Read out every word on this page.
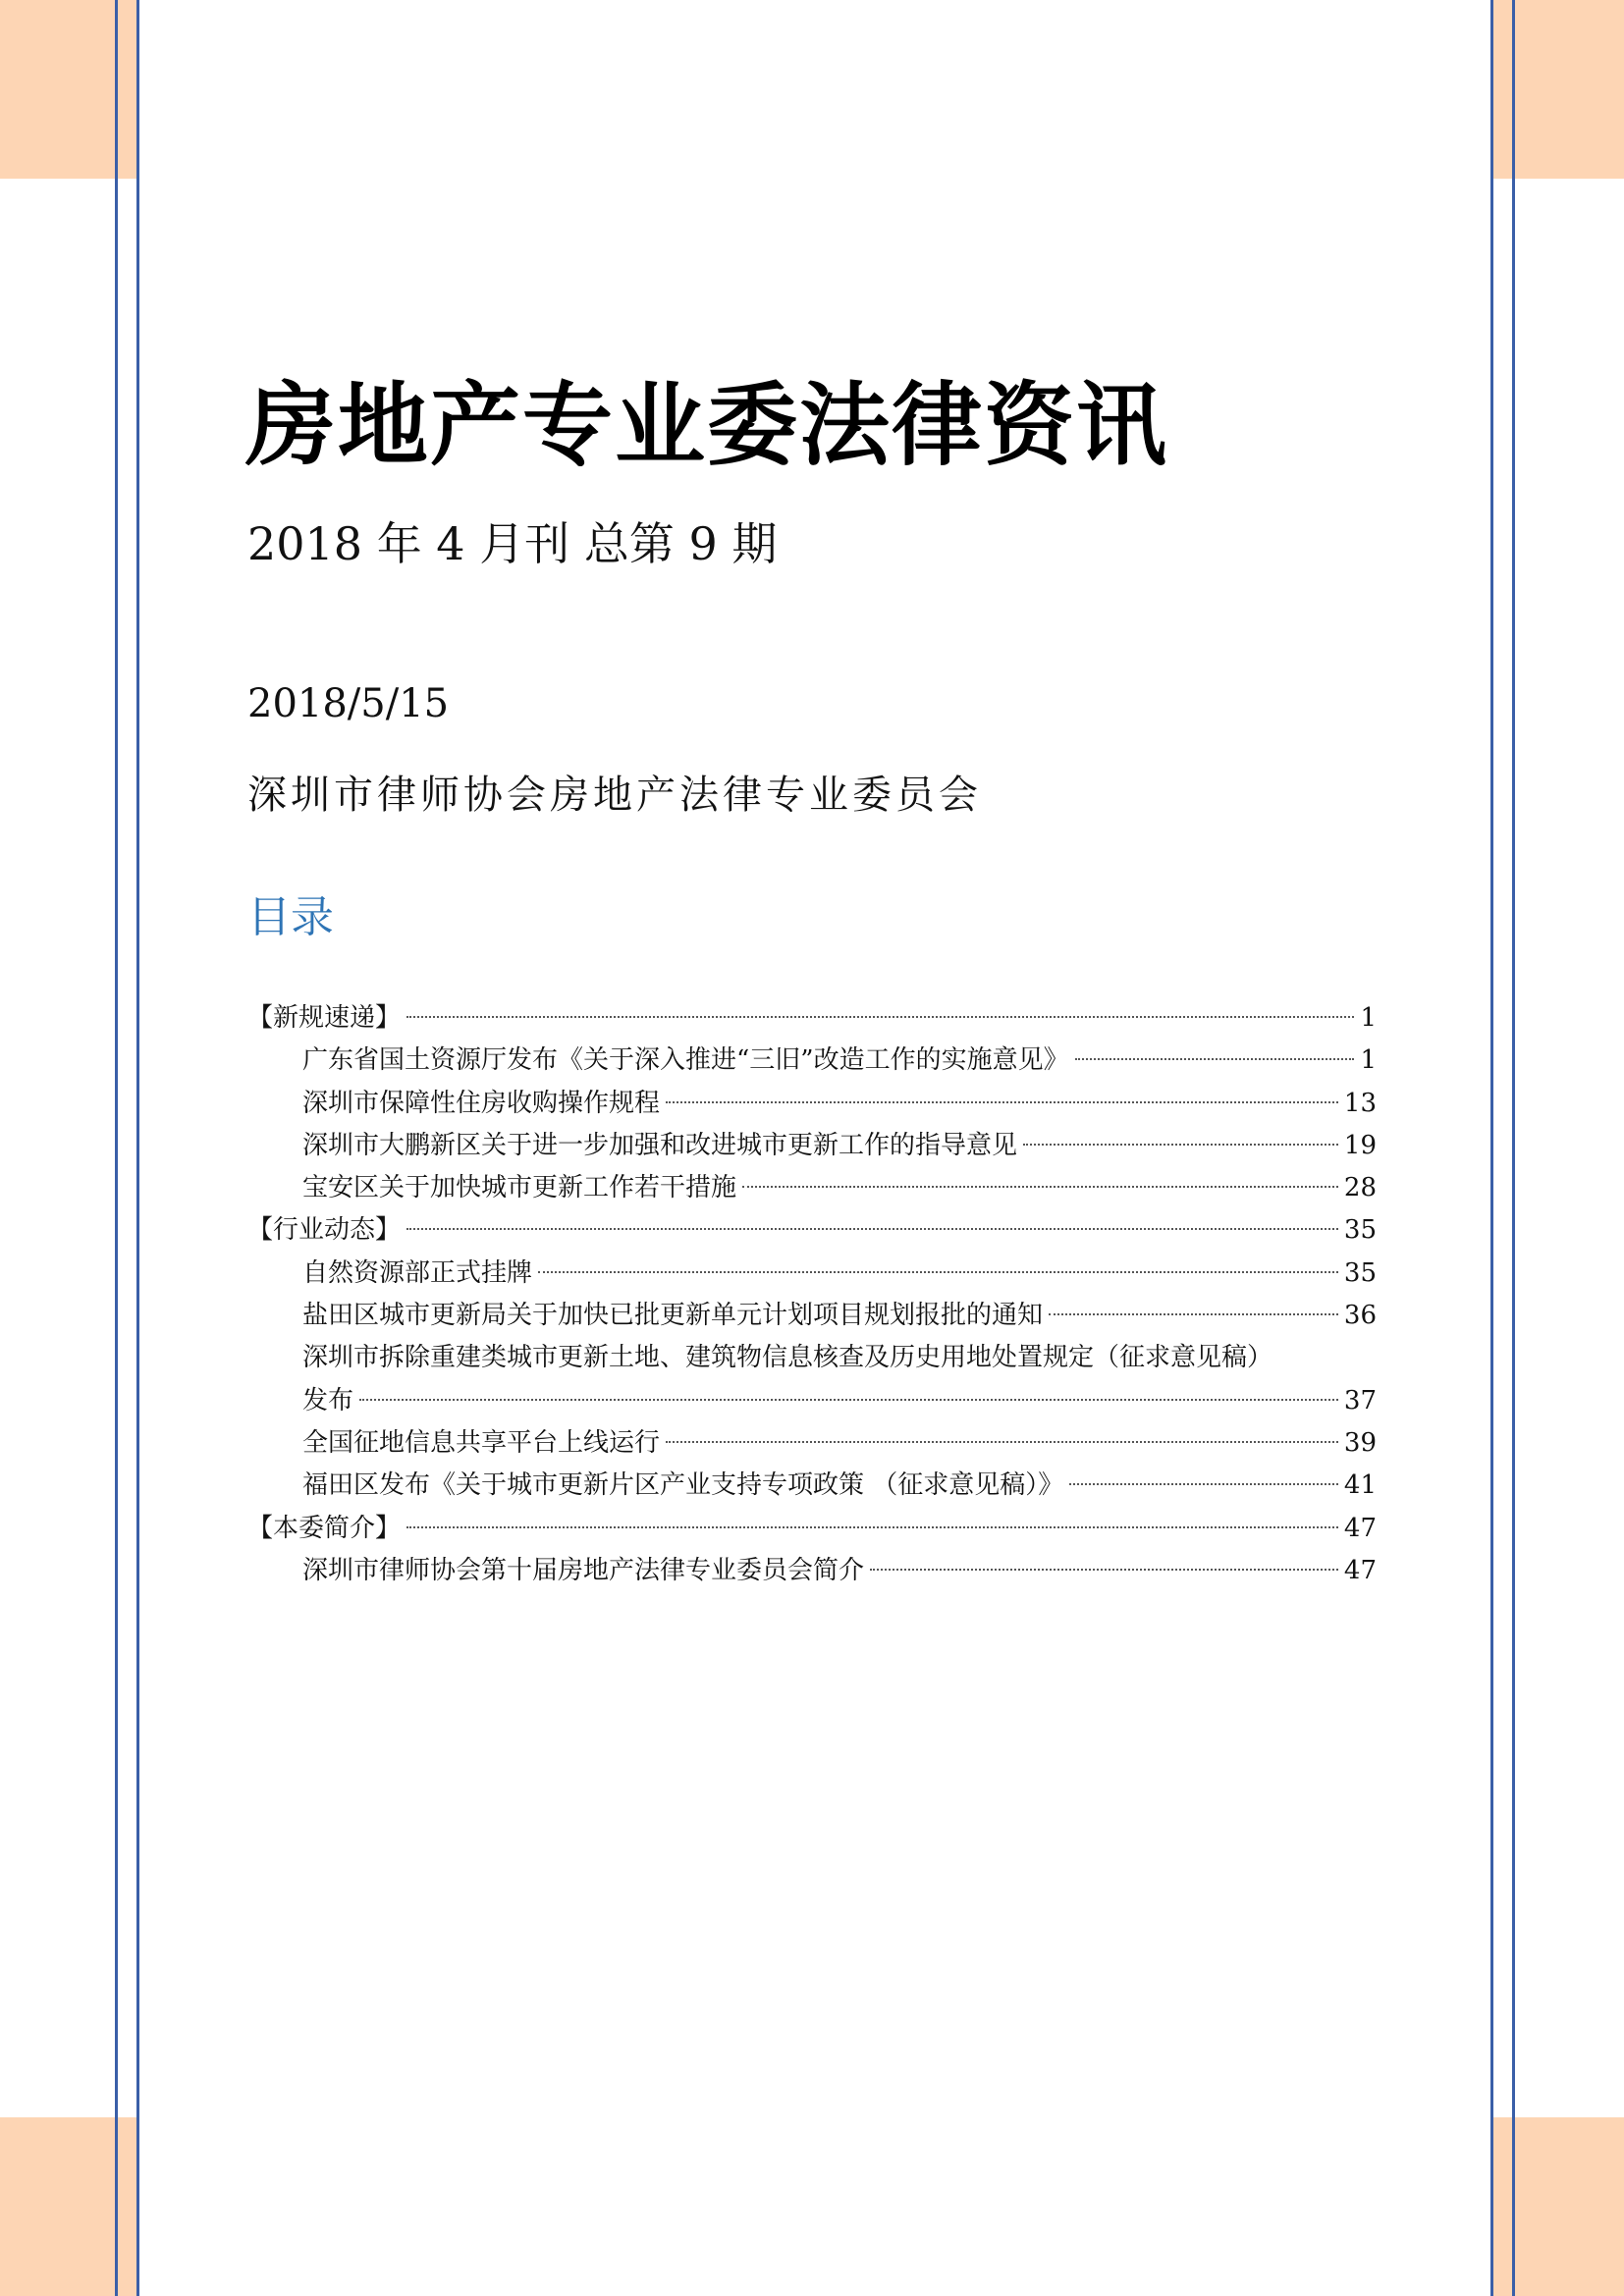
房地产专业委法律资讯
2018 年 4 月刊 总第 9 期
2018/5/15
深圳市律师协会房地产法律专业委员会
目录
【新规速递】	1
广东省国土资源厅发布《关于深入推进“三旧”改造工作的实施意见》	1
深圳市保障性住房收购操作规程	13
深圳市大鹏新区关于进一步加强和改进城市更新工作的指导意见	19
宝安区关于加快城市更新工作若干措施	28
【行业动态】	35
自然资源部正式挂牌	35
盐田区城市更新局关于加快已批更新单元计划项目规划报批的通知	36
深圳市拆除重建类城市更新土地、建筑物信息核查及历史用地处置规定（征求意见稿）
发布	37
全国征地信息共享平台上线运行	39
福田区发布《关于城市更新片区产业支持专项政策 （征求意见稿）》	41
【本委简介】	47
深圳市律师协会第十届房地产法律专业委员会简介	47
